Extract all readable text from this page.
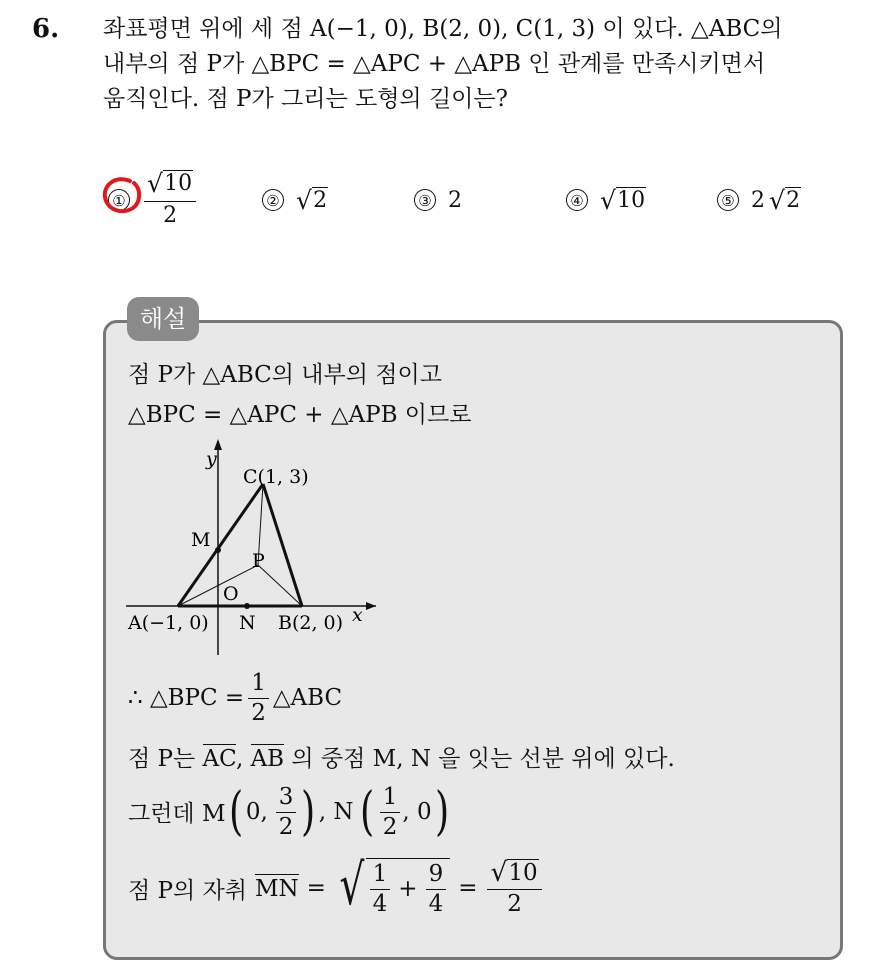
6. 좌표평면 위에 세 점 A(−1, 0), B(2, 0), C(1, 3) 이 있다. △ABC의
내부의 점 P가 △BPC = △APC + △APB 인 관계를 만족시키면서
움직인다. 점 P가 그리는 도형의 길이는?
① $\frac{√ 10}{2}$	② √ 2	③ 2	④ √ 10	⑤ 2 √ 2
해설
점 P가 △ABC의 내부의 점이고
△BPC = △APC + △APB 이므로
y
x
C(1, 3)
M
P
O
A(−1, 0) N B(2, 0)
∴ △BPC = $\frac{1}{2}$ △ABC
점 P는 AC, AB 의 중점 M, N 을 잇는 선분 위에 있다.
그런데 M ( 0, $\frac{3}{2}$ ) , N ( $\frac{1}{2}$ , 0 )
점 P의 자취 MN = √ $\frac{1}{4} + \frac{9}{4} = \frac{√ 10}{2}$
